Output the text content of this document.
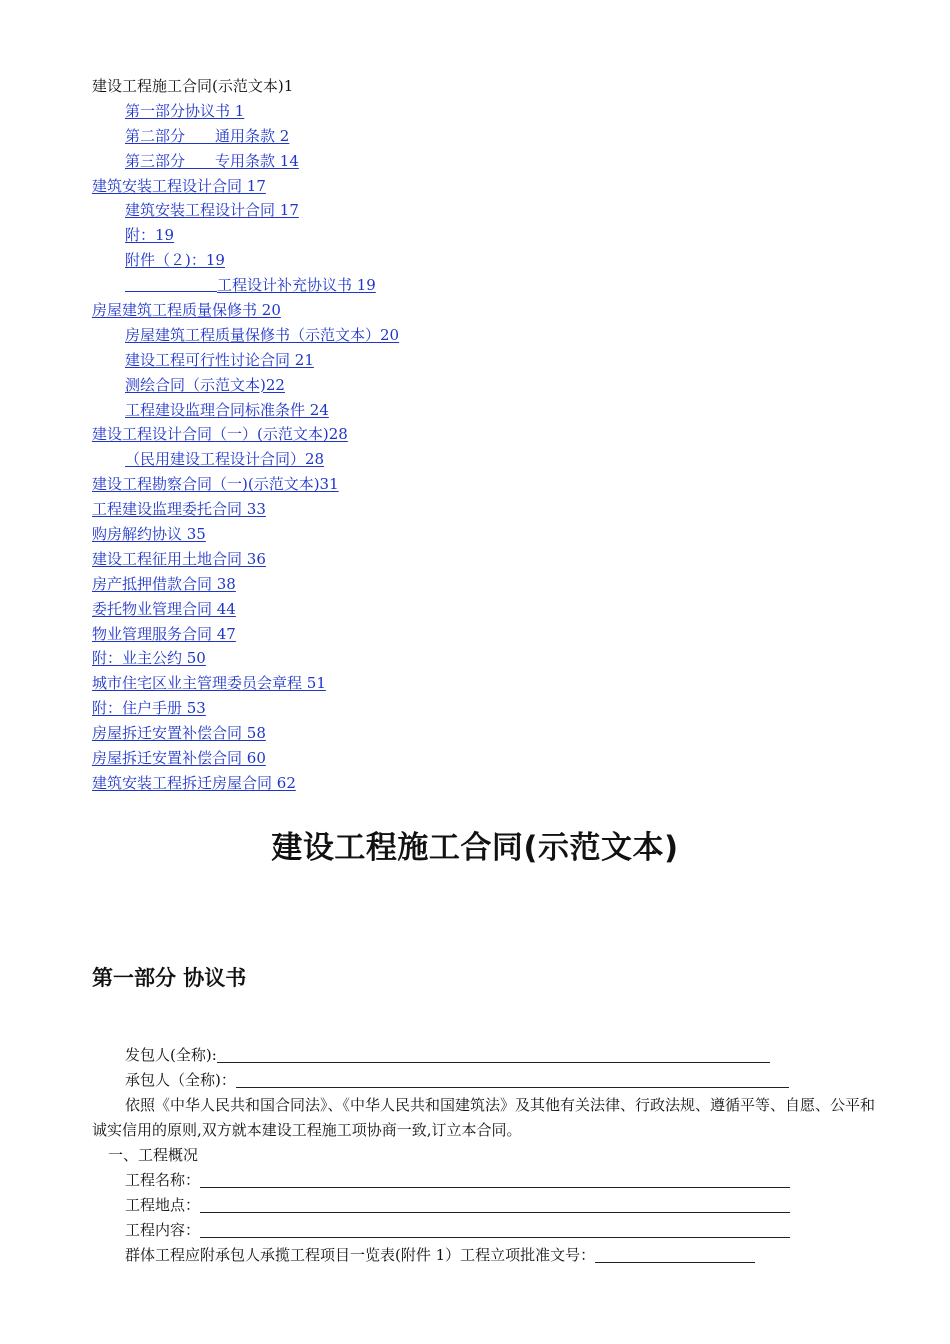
建设工程施工合同(示范文本)1
第一部分协议书 1
第二部分　　通用条款 2
第三部分　　专用条款 14
建筑安装工程设计合同 17
建筑安装工程设计合同 17
附：19
附件（２)：19
工程设计补充协议书 19
房屋建筑工程质量保修书 20
房屋建筑工程质量保修书（示范文本）20
建设工程可行性讨论合同 21
测绘合同（示范文本)22
工程建设监理合同标准条件 24
建设工程设计合同（一）(示范文本)28
（民用建设工程设计合同）28
建设工程勘察合同（一)(示范文本)31
工程建设监理委托合同 33
购房解约协议 35
建设工程征用土地合同 36
房产抵押借款合同 38
委托物业管理合同 44
物业管理服务合同 47
附：业主公约 50
城市住宅区业主管理委员会章程 51
附：住户手册 53
房屋拆迁安置补偿合同 58
房屋拆迁安置补偿合同 60
建筑安装工程拆迁房屋合同 62
建设工程施工合同(示范文本)
第一部分 协议书
发包人(全称):
承包人（全称)：
依照《中华人民共和国合同法》、《中华人民共和国建筑法》及其他有关法律、行政法规、遵循平等、自愿、公平和诚实信用的原则,双方就本建设工程施工项协商一致,订立本合同。
一、工程概况
工程名称：
工程地点：
工程内容：
群体工程应附承包人承揽工程项目一览表(附件 1）工程立项批准文号：
